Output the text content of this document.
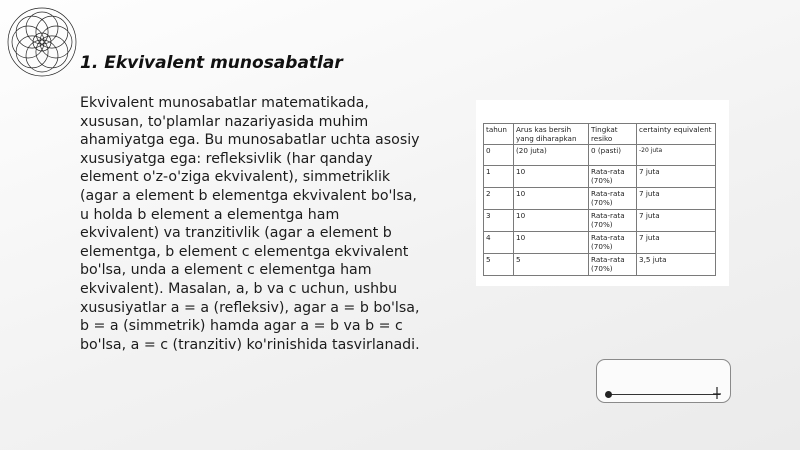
1. Ekvivalent munosabatlar

Ekvivalent munosabatlar matematikada, xususan, to'plamlar nazariyasida muhim ahamiyatga ega. Bu munosabatlar uchta asosiy xususiyatga ega: refleksivlik (har qanday element o'z-o'ziga ekvivalent), simmetriklik (agar a element b elementga ekvivalent bo'lsa, u holda b element a elementga ham ekvivalent) va tranzitivlik (agar a element b elementga, b element c elementga ekvivalent bo'lsa, unda a element c elementga ham ekvivalent). Masalan, a, b va c uchun, ushbu xususiyatlar a = a (refleksiv), agar a = b bo'lsa, b = a (simmetrik) hamda agar a = b va b = c bo'lsa, a = c (tranzitiv) ko'rinishida tasvirlanadi.

tahun	Arus kas bersih yang diharapkan	Tingkat resiko	certainty equivalent
0	(20 juta)	0 (pasti)	-20 juta
1	10	Rata-rata (70%)	7 juta
2	10	Rata-rata (70%)	7 juta
3	10	Rata-rata (70%)	7 juta
4	10	Rata-rata (70%)	7 juta
5	5	Rata-rata (70%)	3,5 juta
